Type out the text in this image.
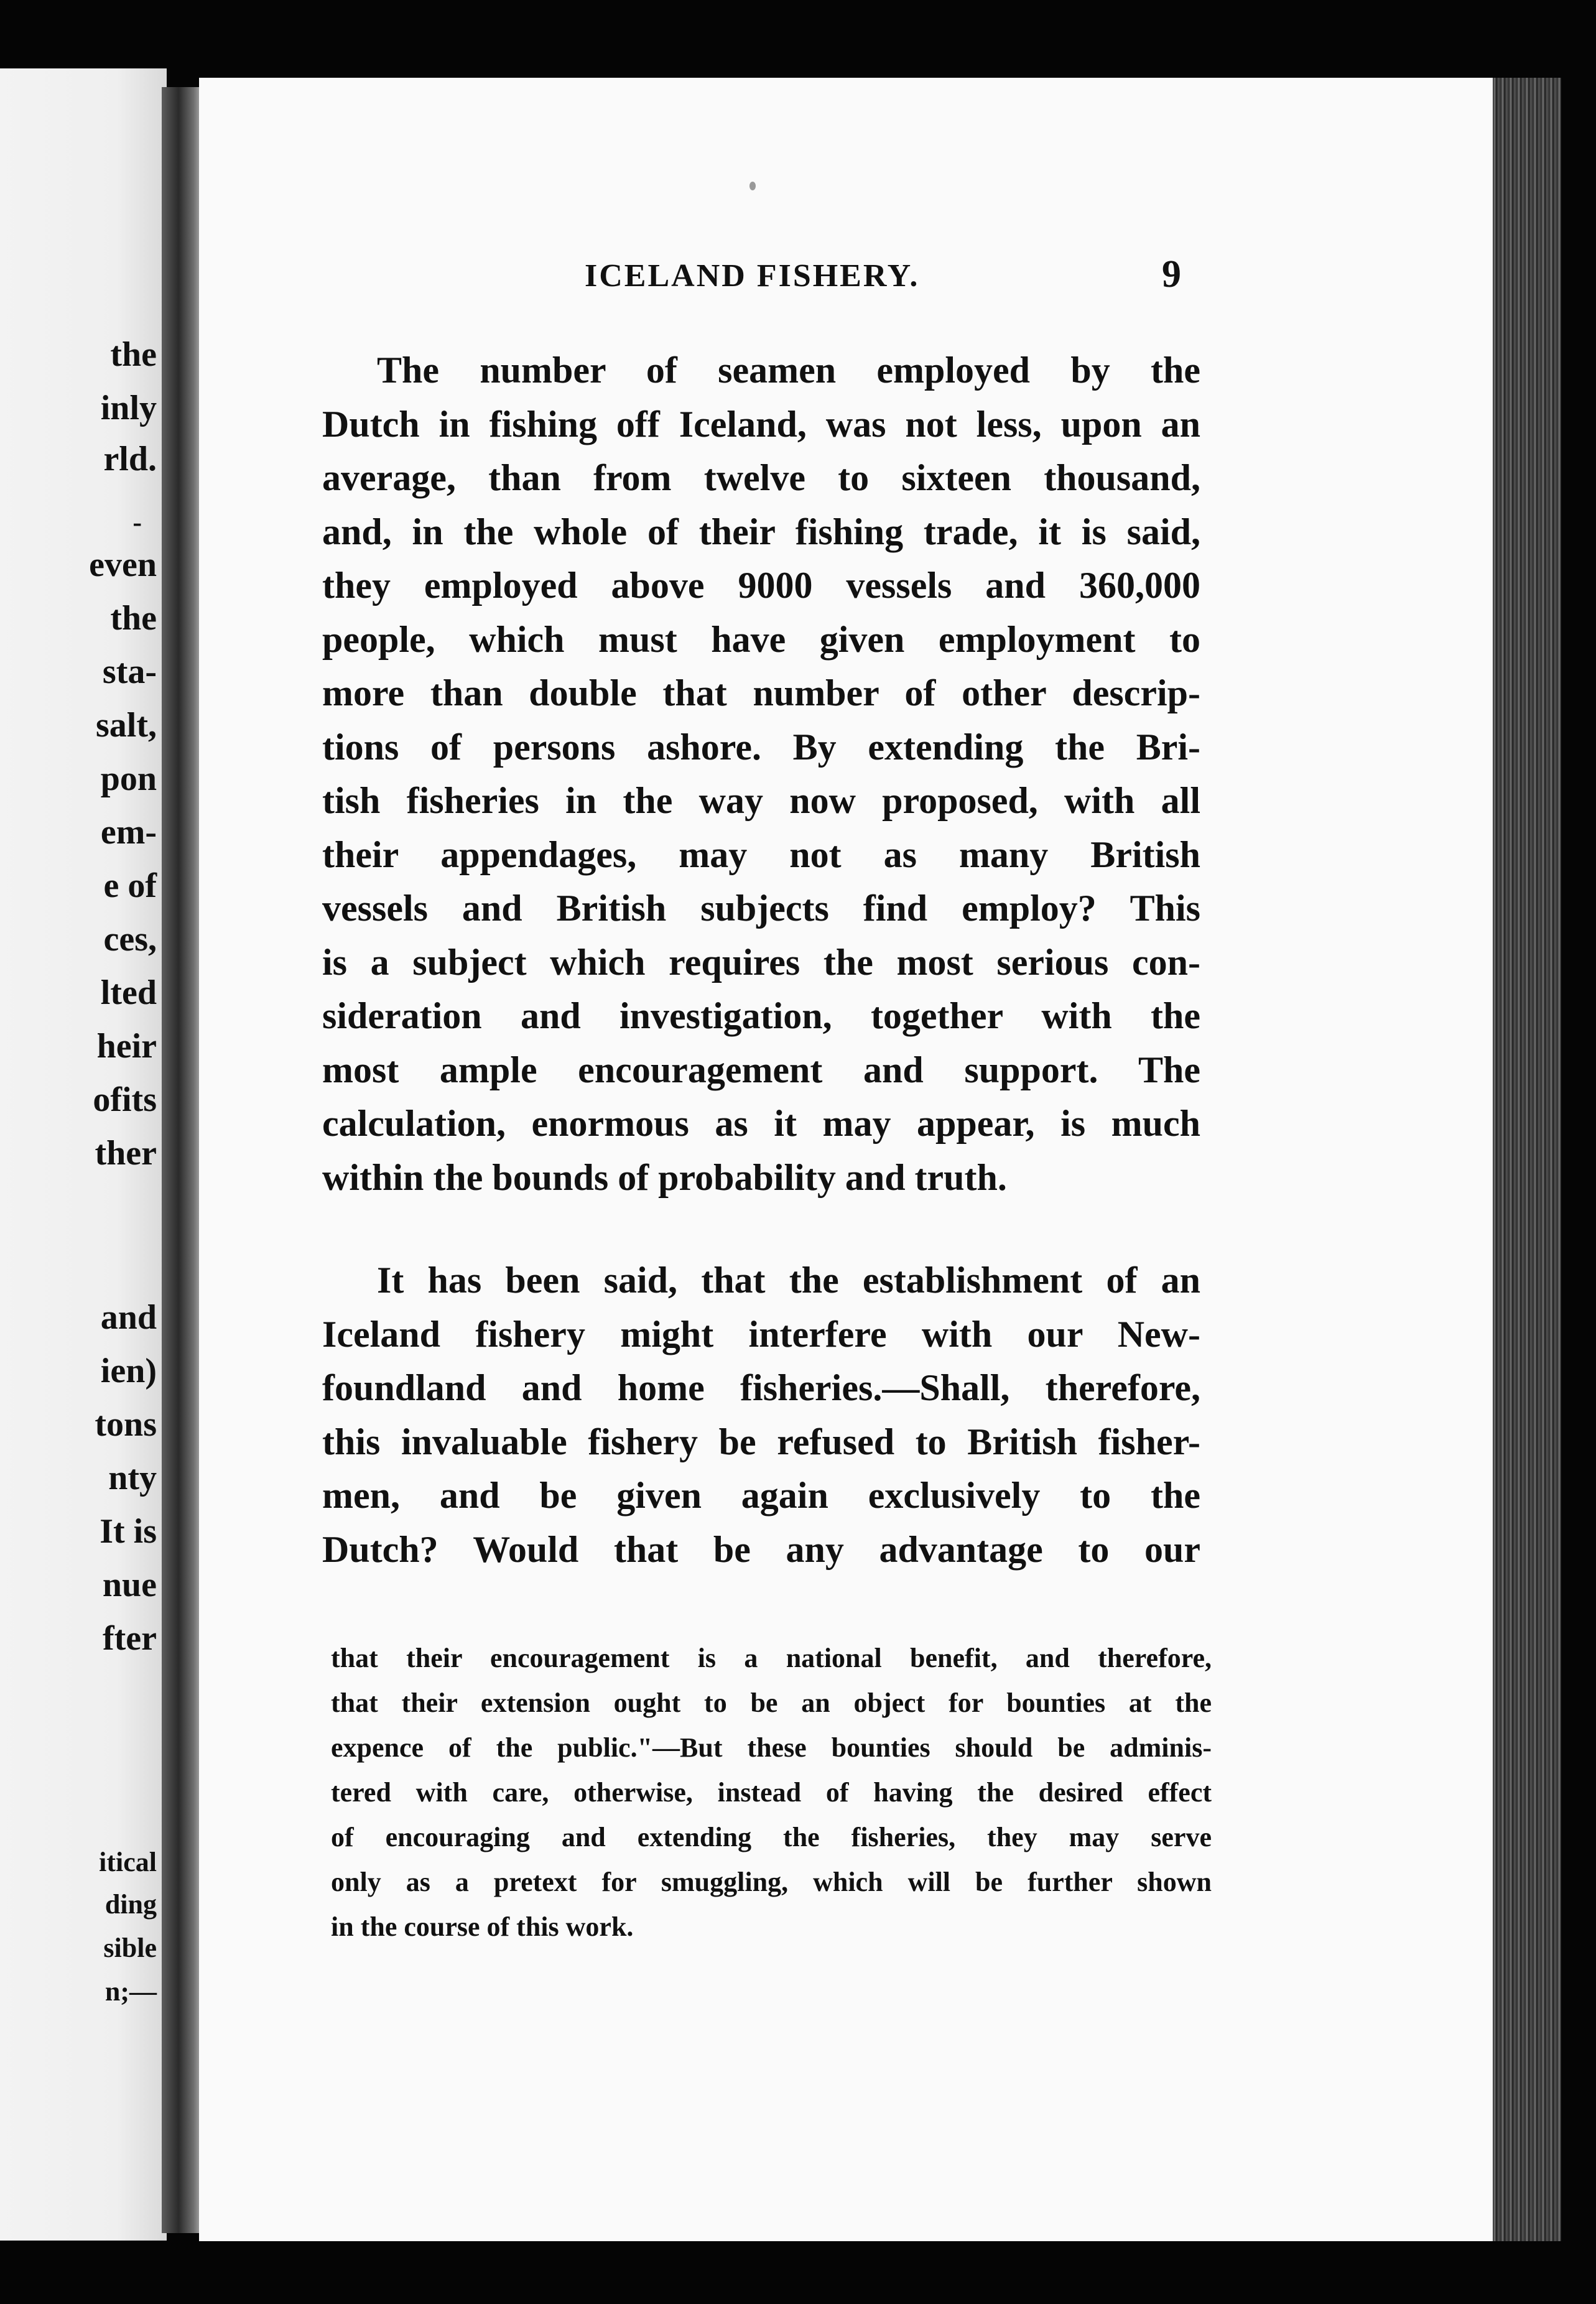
the
inly
rld.
-
even
the
sta-
salt,
pon
em-
e of
ces,
lted
heir
ofits
ther
and
ien)
tons
nty
It is
nue
fter
itical
ding
sible
n;—
ICELAND FISHERY.	9
The number of seamen employed by the
Dutch in fishing off Iceland, was not less, upon an
average, than from twelve to sixteen thousand,
and, in the whole of their fishing trade, it is said,
they employed above 9000 vessels and 360,000
people, which must have given employment to
more than double that number of other descrip-
tions of persons ashore. By extending the Bri-
tish fisheries in the way now proposed, with all
their appendages, may not as many British
vessels and British subjects find employ? This
is a subject which requires the most serious con-
sideration and investigation, together with the
most ample encouragement and support. The
calculation, enormous as it may appear, is much
within the bounds of probability and truth.
It has been said, that the establishment of an
Iceland fishery might interfere with our New-
foundland and home fisheries.—Shall, therefore,
this invaluable fishery be refused to British fisher-
men, and be given again exclusively to the
Dutch? Would that be any advantage to our
that their encouragement is a national benefit, and therefore,
that their extension ought to be an object for bounties at the
expence of the public."—But these bounties should be adminis-
tered with care, otherwise, instead of having the desired effect
of encouraging and extending the fisheries, they may serve
only as a pretext for smuggling, which will be further shown
in the course of this work.
